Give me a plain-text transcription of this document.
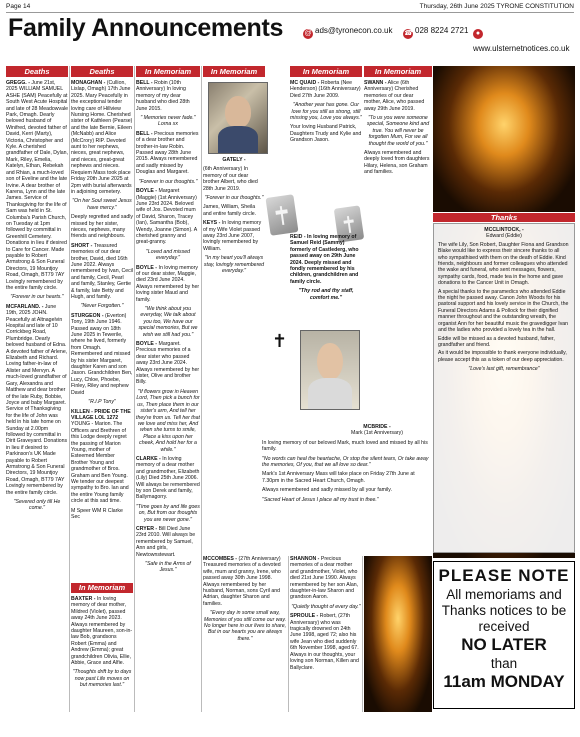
Page 14	Thursday, 26th June 2025 TYRONE CONSTITUTION
Family Announcements	@ ads@tyronecon.co.uk ☎ 028 8224 2721	●www.ulsternetnotices.co.uk
Deaths	Deaths	In Memoriam	In Memoriam	In Memoriam	In Memoriam

GREGG. - June 21st, 2025 WILLIAM SAMUEL ASHE (SAM) Peacefully at South West Acute Hospital and late of 28 Meadowvale Park, Omagh. Dearly beloved husband of Winifred, devoted father of David, Kerri (Marty), Victoria, Christopher and Kyle. A cherished grandfather of Dale, Dylan, Mark, Riley, Emelia, Katelyn, Ethan, Rebekah and Rhian, a much-loved son of Eveline and the late Irvine. A dear brother of Karena, Lynn and the late James. Service of Thanksgiving for the life of Sam was held in St. Columba's Parish Church, on Tuesday at 1pm followed by committal in Greenhill Cemetery. Donations in lieu if desired to Care for Cancer. Made payable to Robert Armstrong & Son Funeral Directors, 19 Mountjoy Road, Omagh, BT79 7AY Lovingly remembered by the entire family circle.

"Forever in our hearts."

MCFARLAND. - June 19th, 2025 JOHN. Peacefully at Altnagelvin Hospital and late of 10 Corrickbeg Road, Plumbridge. Dearly beloved husband of Edna. A devoted father of Arlene, Elizabeth and Richard. Loving father-in-law of Alister and Mervyn. A much-loved grandfather of Gary, Alexandra and Matthew and dear brother of the late Ruby, Bobbie, Joyce and baby Margaret. Service of Thanksgiving for the life of John was held in his late home on Sunday at 2.00pm followed by committal in Dirit Graveyard. Donations in lieu if desired to Parkinson's UK Made payable to Robert Armstrong & Son Funeral Directors, 19 Mountjoy Road, Omagh, BT79 7AY Lovingly remembered by the entire family circle.

"Severed only till He come."

MONAGHAN - (Cullion, Lislap, Omagh) 17th June 2025. Mary Peacefully in the exceptional tender loving care of Hillview Nursing Home. Cherished sister of Kathleen (Pearse) and the late Bernie, Eileen (McNabb) and Alice (McCrory) RIP. Devoted aunt to her nephews, nieces, great nephews, and nieces, great-great nephews and nieces. Requiem Mass took place Friday 20th June 2025 at 2pm with burial afterwards in adjoining cemetery.

"On her Soul sweet Jesus have mercy."

Deeply regretted and sadly missed by her sister, nieces, nephews, many friends and neighbours.

SHORT - Treasured memories of our dear brother, David, died 16th June 2022. Always remembered by Ivan, Cecil and family, Cecil, Pearl and family, Stanley, Gertie & family, late Betty and Hugh, and family.

"Never Forgotten."

STURGEON - (Everton) Tony, 19th June 1946. Passed away on 18th June 2025 in Tewerile, where he lived, formerly from Omagh. Remembered and missed by his sister Margaret, daughter Karen and son Jason. Grandchildren Ben, Lucy, Chloe, Phoebe, Finley, Riley and nephew David

"R.I.P Tony"

KILLEN - PRIDE OF THE VILLAGE LOL 1272 YOUNG - Marion. The Officers and Brethren of this Lodge deeply regret the passing of Marion Young, mother of Esteemed Member Brother Young and grandmother of Bros. Graham and Ben Young. We tender our deepest sympathy to Bro. Ian and the entire Young family circle at this sad time.

M Speer WM R Clarke Sec

In Memoriam

BAXTER - In loving memory of dear mother, Mildred (Violet), passed away 24th June 2023. Always remembered by daughter Maureen, son-in-law Bob, grandsons Robert (Emma) and Andrew (Emma); great grandchildren Olivia, Ellie, Abbie, Grace and Alfie.

"Thoughts drift by to days now past Life moves on but memories last."

BELL - Robin (10th Anniversary) In loving memory of my dear husband who died 28th June 2015.

" Memories never fade." Lorna xx

BELL - Precious memories of a dear brother and brother-in-law Robin. Passed away 28th June 2015. Always remembered and sadly missed by Douglas and Margaret.

"Forever in our thoughts."

BOYLE - Margaret (Maggie) (1st Anniversary) June 23rd 2024. Beloved wife of Jos. Devoted mum of David, Sharon, Tracey (Ian), Samantha (Bob), Wendy, Joanne (Simon). A cherished granny and great-granny.

"Loved and missed everyday."

BOYLE - In loving memory of our dear sister, Maggie, died 23rd June 2024. Always remembered by her loving sister Maud and family.

"We think about you everyday, We talk about you too, We have our special memories, But we wish we still had you."

BOYLE - Margaret. Precious memories of a dear sister who passed away 23rd June 2024. Always remembered by her sister, Olive and brother Billy.

"If flowers grow in Heaven Lord, Then pick a bunch for us, Then place them in our sister's arm, And tell her they're from us. Tell her that we love and miss her, And when she turns to smile, Place a kiss upon her cheek, And hold her for a while."

CLARKE - In loving memory of a dear mother and grandmother, Elizabeth (Lily) Died 25th June 2006. Will always be remembered by son Derek and family, Ballymagorry.

"Time goes by and life goes on, But from our thoughts you are never gone."

CRYER - Bill Died June 23rd 2010. Will always be remembered by Samuel, Ann and girls, Newtownstewart.

"Safe in the Arms of Jesus."

GATELY -

(6th Anniversary) In memory of our dear brother Albert, who died 28th June 2019.

"Forever in our thoughts."

James, William, Sheila and entire family circle.

KEYS - In loving memory of my Wife Violet passed away 23rd June 2007, lovingly remembered by William.

"In my heart you'll always stay, lovingly remembered everyday."

MC QUAID - Roberta (Nee Henderson) (16th Anniversary) Died 27th June 2009.

"Another year has gone. Our love for you still as strong, still missing you, Love you always."

Your loving Husband Patrick, Daughters Trudy and Kylie and Grandson Jason.

REID - In loving memory of Samuel Reid (Sammy) formerly of Castlederg, who passed away on 29th June 2024. Deeply missed and fondly remembered by his children, grandchildren and family circle.

"Thy rod and thy staff, comfort me."

✝

MCBRIDE -
Mark (1st Anniversary)

In loving memory of our beloved Mark, much loved and missed by all his family.

"No words can heal the heartache, Or stop the silent tears, Or take away the memories, Of you, that we all love so dear."

Mark's 1st Anniversary Mass will take place on Friday 27th June at 7.30pm in the Sacred Heart Church, Omagh.

Always remembered and sadly missed by all your family.

"Sacred Heart of Jesus I place all my trust in thee."

MCCOMBES - (27th Anniversary) Treasured memories of a devoted wife, mum and granny, Irene, who passed away 30th June 1998. Always remembered by her husband, Norman, sons Cyril and Adrian, daughter Sharon and families.

"Every day in some small way, Memories of you still come our way. No longer here in our lives to share, But in our hearts you are always there."

SHANNON - Precious memories of a dear mother and grandmother, Violet, who died 21st June 1990. Always remembered by her son Alan, daughter-in-law Sharon and grandson Aaron.

"Quietly thought of every day."

SPROULE - Robert, (27th Anniversary) who was tragically drowned on 24th June 1998, aged 72; also his wife Jean who died suddenly 6th November 1998, aged 67. Always in our thoughts, your loving son Norman, Killen and Ballyclare.

SWANN - Alice (6th Anniversary) Cherished memories of our dear mother, Alice, who passed away 29th June 2019.

"To us you were someone special, Someone kind and true. You will never be forgotten Mum, For we all thought the world of you."

Always remembered and deeply loved from daughters Hilary, Helena, son Graham and families.

Thanks

MCCLINTOCK, -

Edward (Eddie)

The wife Lily, Son Robert, Daughter Fiona and Grandson Blake would like to express their sincere thanks to all who sympathised with them on the death of Eddie. Kind friends, neighbours and former colleagues who attended the wake and funeral, who sent messages, flowers, sympathy cards, food, made tea in the home and gave donations to the Cancer Unit in Omagh.

A special thanks to the paramedics who attended Eddie the night he passed away. Canon John Woods for his pastoral support and his lovely service in the Church, the Funeral Directors Adams & Pollock for their dignified manner throughout and the outstanding wreath, the organist Ann for her beautiful music the gravedigger Ivan and the ladies who provided a lovely tea in the hall.

Eddie will be missed as a devoted husband, father, grandfather and friend.

As it would be impossible to thank everyone individually, please accept this as a token of our deep appreciation.

"Love's last gift, remembrance"

PLEASE NOTE
All memoriams and Thanks notices to be received
NO LATER
than
11am MONDAY
